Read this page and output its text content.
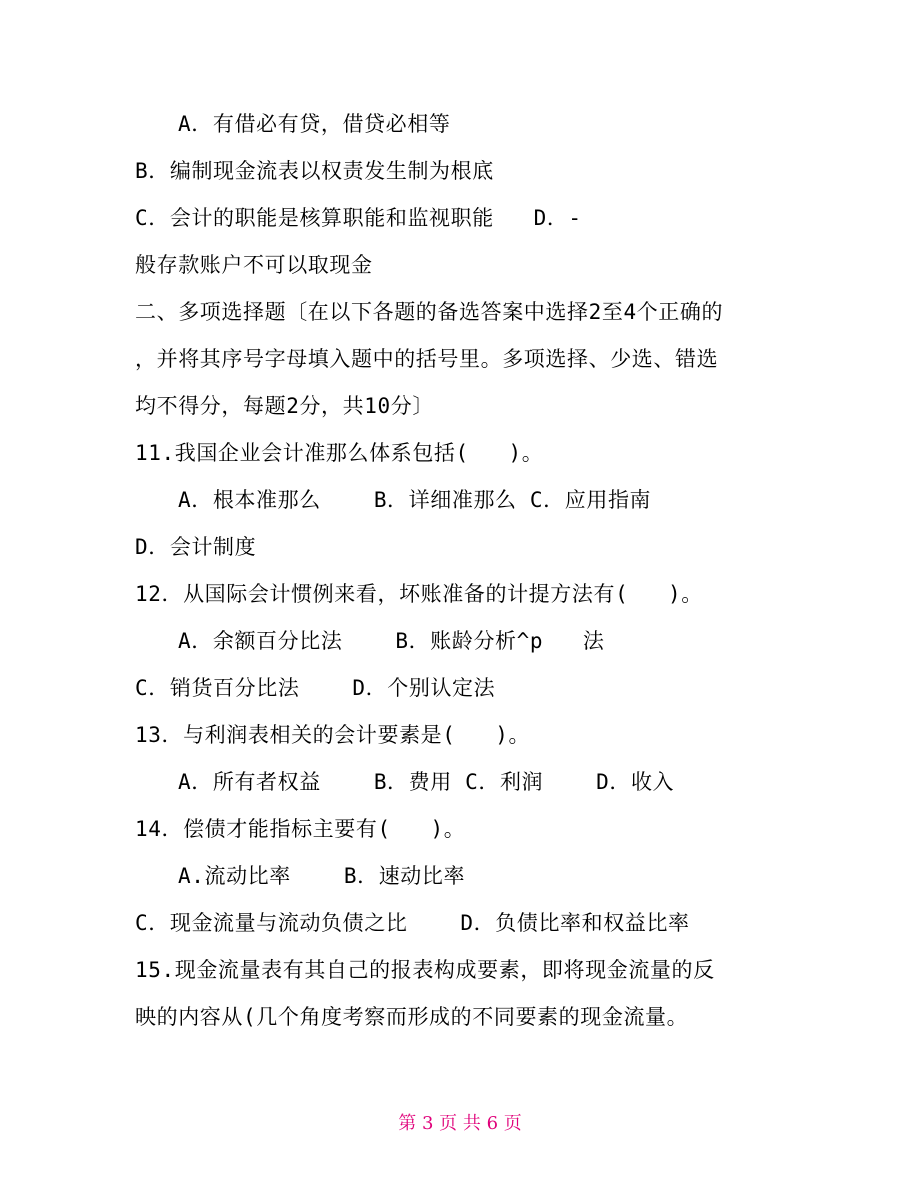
A．有借必有贷，借贷必相等
B．编制现金流表以权责发生制为根底
C．会计的职能是核算职能和监视职能   D．-
般存款账户不可以取现金
二、多项选择题〔在以下各题的备选答案中选择2至4个正确的
，并将其序号字母填入题中的括号里。多项选择、少选、错选
均不得分，每题2分，共10分〕
11.我国企业会计准那么体系包括(   )。
A．根本准那么    B．详细准那么 C．应用指南
D．会计制度
12．从国际会计惯例来看，坏账准备的计提方法有(   )。
A．余额百分比法    B．账龄分析^p   法
C．销货百分比法    D．个别认定法
13．与利润表相关的会计要素是(   )。
A．所有者权益    B．费用 C．利润    D．收入
14．偿债才能指标主要有(   )。
A.流动比率    B．速动比率
C．现金流量与流动负债之比    D．负债比率和权益比率
15.现金流量表有其自己的报表构成要素，即将现金流量的反
映的内容从(几个角度考察而形成的不同要素的现金流量。
第 3 页 共 6 页
